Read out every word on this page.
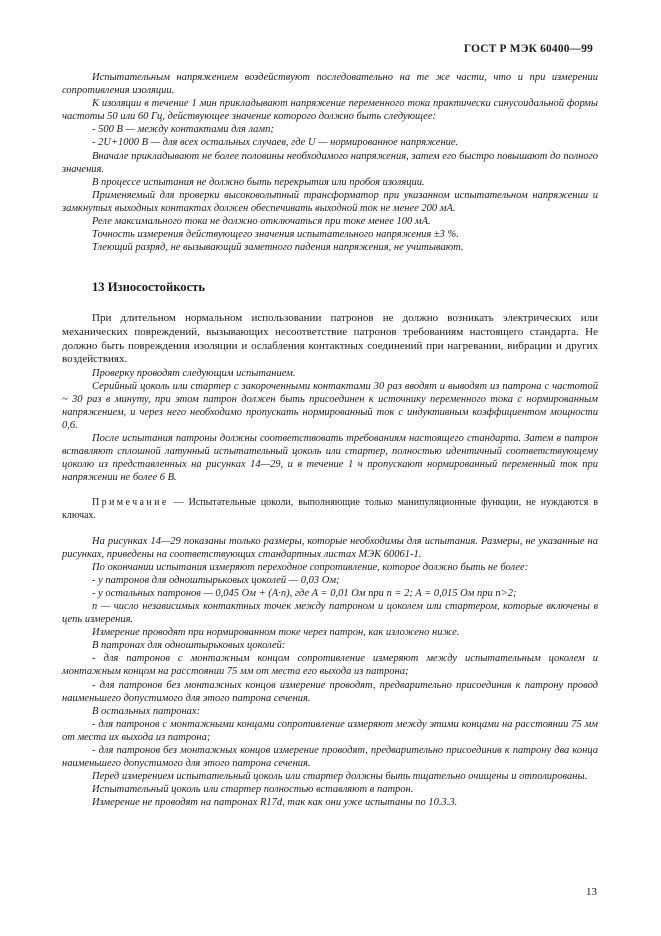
ГОСТ Р МЭК 60400—99

Испытательным напряжением воздействуют последовательно на те же части, что и при измерении сопротивления изоляции.

К изоляции в течение 1 мин прикладывают напряжение переменного тока практически синусоидальной формы частоты 50 или 60 Гц, действующее значение которого должно быть следующее:

- 500 В — между контактами для ламп;

- 2U+1000 В — для всех остальных случаев, где U — нормированное напряжение.

Вначале прикладывают не более половины необходимого напряжения, затем его быстро повышают до полного значения.

В процессе испытания не должно быть перекрытия или пробоя изоляции.

Применяемый для проверки высоковольтный трансформатор при указанном испытательном напряжении и замкнутых выходных контактах должен обеспечивать выходной ток не менее 200 мА.

Реле максимального тока не должно отключаться при токе менее 100 мА.

Точность измерения действующего значения испытательного напряжения ±3 %.

Тлеющий разряд, не вызывающий заметного падения напряжения, не учитывают.

13 Износостойкость

При длительном нормальном использовании патронов не должно возникать электрических или механических повреждений, вызывающих несоответствие патронов требованиям настоящего стандарта. Не должно быть повреждения изоляции и ослабления контактных соединений при нагревании, вибрации и других воздействиях.

Проверку проводят следующим испытанием.

Серийный цоколь или стартер с закороченными контактами 30 раз вводят и выводят из патрона с частотой ~ 30 раз в минуту, при этом патрон должен быть присоединен к источнику переменного тока с нормированным напряжением, и через него необходимо пропускать нормированный ток с индуктивным коэффициентом мощности 0,6.

После испытания патроны должны соответствовать требованиям настоящего стандарта. Затем в патрон вставляют сплошной латунный испытательный цоколь или стартер, полностью идентичный соответствующему цоколю из представленных на рисунках 14—29, и в течение 1 ч пропускают нормированный переменный ток при напряжении не более 6 В.

Примечание — Испытательные цоколи, выполняющие только манипуляционные функции, не нуждаются в ключах.

На рисунках 14—29 показаны только размеры, которые необходимы для испытания. Размеры, не указанные на рисунках, приведены на соответствующих стандартных листах МЭК 60061-1.

По окончании испытания измеряют переходное сопротивление, которое должно быть не более:

- у патронов для одноштырьковых цоколей — 0,03 Ом;

- у остальных патронов — 0,045 Ом + (A·n), где A = 0,01 Ом при n = 2; A = 0,015 Ом при n>2;

n — число независимых контактных точек между патроном и цоколем или стартером, которые включены в цепь измерения.

Измерение проводят при нормированном токе через патрон, как изложено ниже.

В патронах для одноштырьковых цоколей:

- для патронов с монтажным концом сопротивление измеряют между испытательным цоколем и монтажным концом на расстоянии 75 мм от места его выхода из патрона;

- для патронов без монтажных концов измерение проводят, предварительно присоединив к патрону провод наименьшего допустимого для этого патрона сечения.

В остальных патронах:

- для патронов с монтажными концами сопротивление измеряют между этими концами на расстоянии 75 мм от места их выхода из патрона;

- для патронов без монтажных концов измерение проводят, предварительно присоединив к патрону два конца наименьшего допустимого для этого патрона сечения.

Перед измерением испытательный цоколь или стартер должны быть тщательно очищены и отполированы.

Испытательный цоколь или стартер полностью вставляют в патрон.

Измерение не проводят на патронах R17d, так как они уже испытаны по 10.3.3.

13
